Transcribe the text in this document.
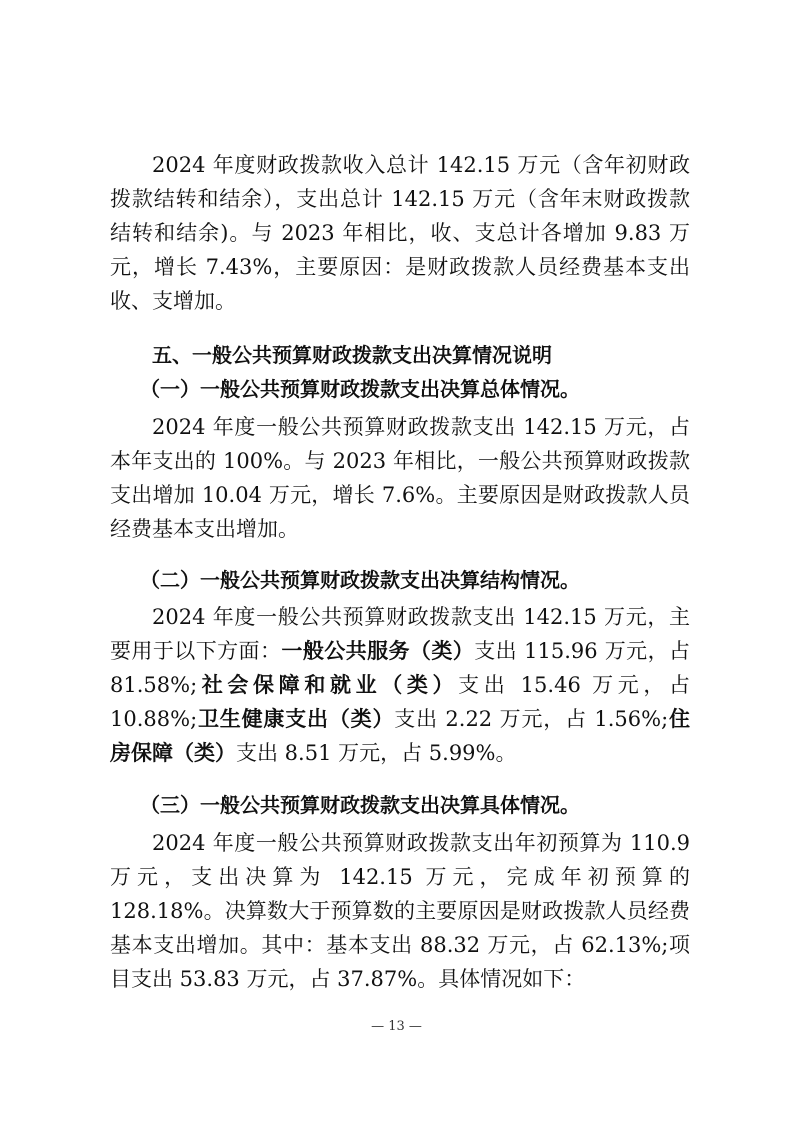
2024 年度财政拨款收入总计 142.15 万元（含年初财政拨款结转和结余），支出总计 142.15 万元（含年末财政拨款结转和结余)。与 2023 年相比，收、支总计各增加 9.83 万元，增长 7.43%，主要原因：是财政拨款人员经费基本支出收、支增加。

五、一般公共预算财政拨款支出决算情况说明

（一）一般公共预算财政拨款支出决算总体情况。

2024 年度一般公共预算财政拨款支出 142.15 万元，占本年支出的 100%。与 2023 年相比，一般公共预算财政拨款支出增加 10.04 万元，增长 7.6%。主要原因是财政拨款人员经费基本支出增加。

（二）一般公共预算财政拨款支出决算结构情况。

2024 年度一般公共预算财政拨款支出 142.15 万元，主要用于以下方面：一般公共服务（类）支出 115.96 万元，占 81.58%;社会保障和就业（类）支出 15.46 万元，占 10.88%;卫生健康支出（类）支出 2.22 万元，占 1.56%;住房保障（类）支出 8.51 万元，占 5.99%。

（三）一般公共预算财政拨款支出决算具体情况。

2024 年度一般公共预算财政拨款支出年初预算为 110.9 万元，支出决算为 142.15 万元，完成年初预算的 128.18%。决算数大于预算数的主要原因是财政拨款人员经费基本支出增加。其中：基本支出 88.32 万元，占 62.13%;项目支出 53.83 万元，占 37.87%。具体情况如下：

— 13 —
